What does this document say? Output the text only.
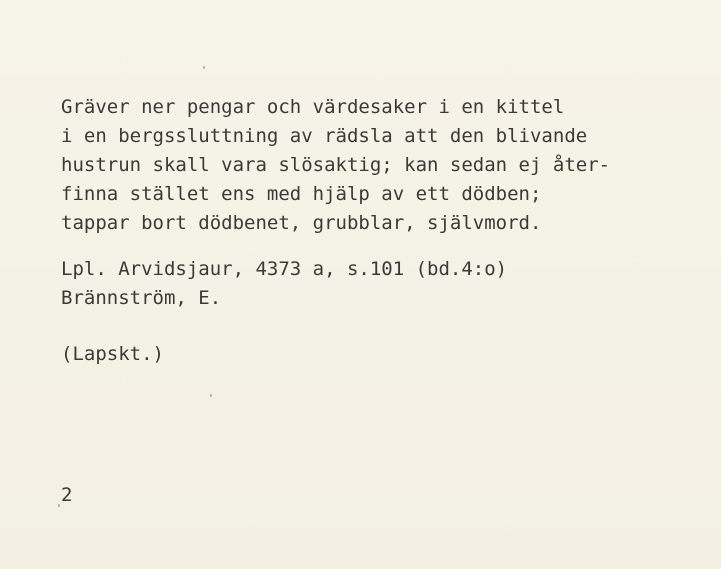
Gräver ner pengar och värdesaker i en kittel
i en bergssluttning av rädsla att den blivande
hustrun skall vara slösaktig; kan sedan ej åter-
finna stället ens med hjälp av ett dödben;
tappar bort dödbenet, grubblar, självmord.
Lpl. Arvidsjaur, 4373 a, s.101 (bd.4:o)
Brännström, E.
(Lapskt.)
2
